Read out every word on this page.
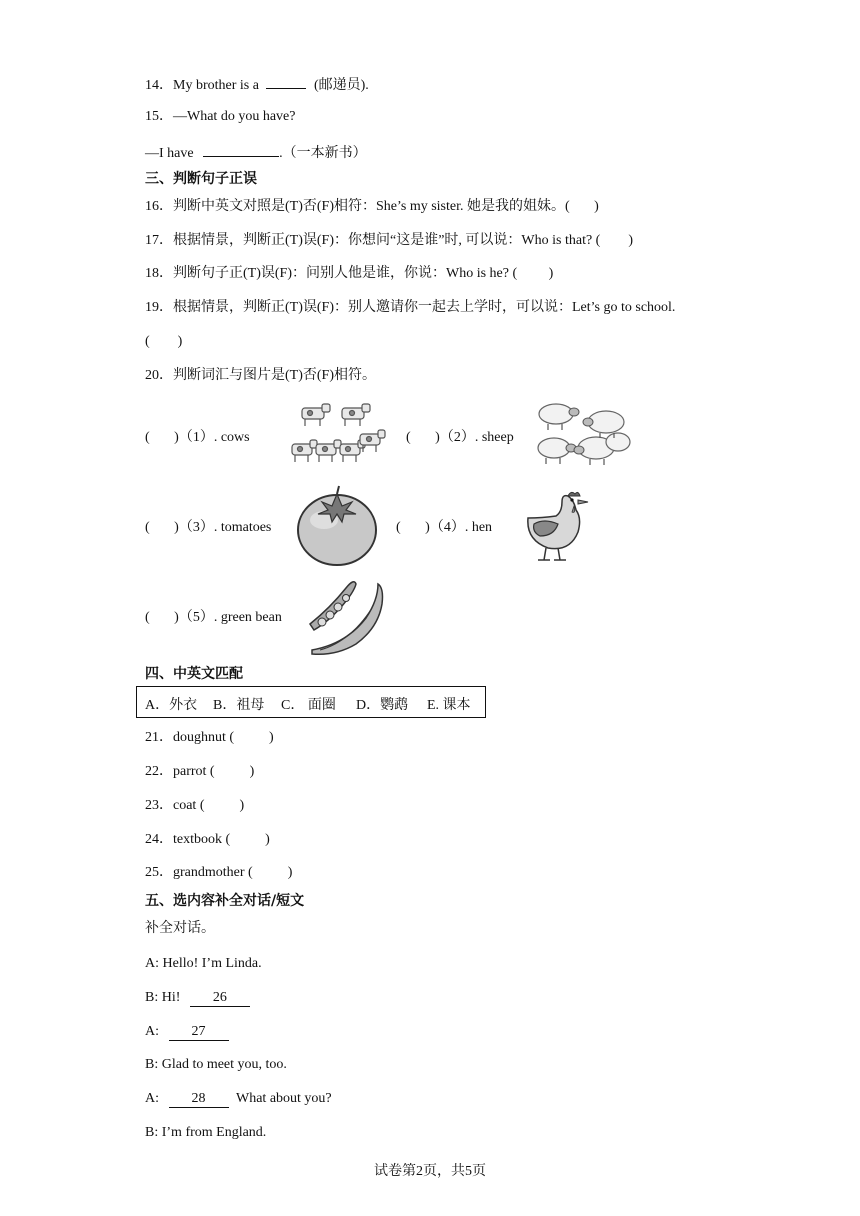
14．My brother is a	(邮递员).
15．—What do you have?
—I have	.（一本新书）
三、判断句子正误
16．判断中英文对照是(T)否(F)相符：She’s my sister. 她是我的姐妹。(       )
17．根据情景，判断正(T)误(F)：你想问“这是谁”时, 可以说：Who is that? (        )
18．判断句子正(T)误(F)：问别人他是谁，你说：Who is he? (         )
19．根据情景，判断正(T)误(F)：别人邀请你一起去上学时，可以说：Let’s go to school.
(        )
20．判断词汇与图片是(T)否(F)相符。
(       )（1）. cows	(       )（2）. sheep
(       )（3）. tomatoes	(       )（4）. hen
(       )（5）. green bean
四、中英文匹配
A．外衣 B．祖母 C． 面圈 D．鹦鹉 E. 课本
21．doughnut (          )
22．parrot (          )
23．coat (          )
24．textbook (          )
25．grandmother (          )
五、选内容补全对话/短文
补全对话。
A: Hello! I’m Linda.
B: Hi! 26
A: 27
B: Glad to meet you, too.
A: 28 What about you?
B: I’m from England.
试卷第2页，共5页
